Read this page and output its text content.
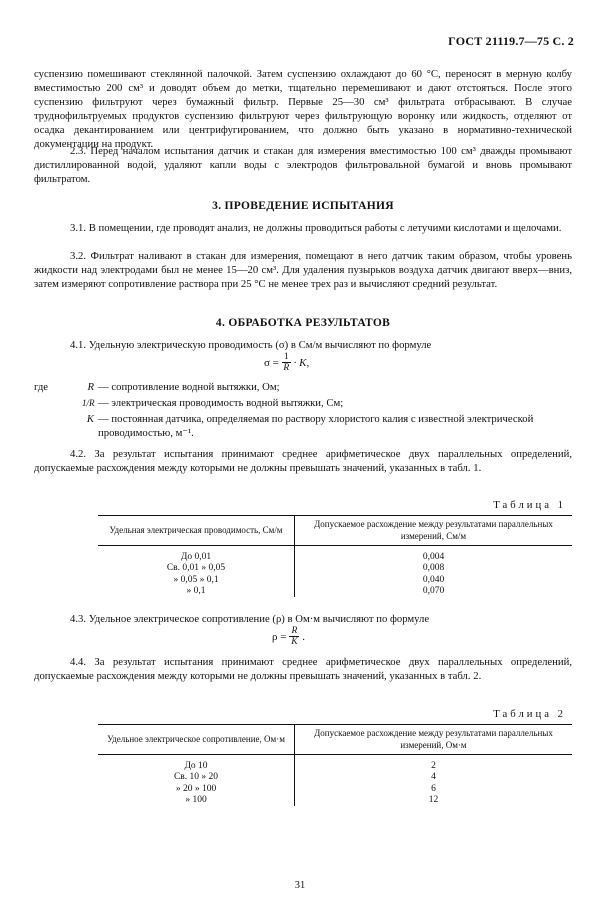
ГОСТ 21119.7—75 С. 2
суспензию помешивают стеклянной палочкой. Затем суспензию охлаждают до 60 °С, переносят в мерную колбу вместимостью 200 см³ и доводят объем до метки, тщательно перемешивают и дают отстояться. После этого суспензию фильтруют через бумажный фильтр. Первые 25—30 см³ фильтрата отбрасывают. В случае труднофильтруемых продуктов суспензию фильтруют через фильтрующую воронку или жидкость, отделяют от осадка декантированием или центрифугированием, что должно быть указано в нормативно-технической документации на продукт.
2.3. Перед началом испытания датчик и стакан для измерения вместимостью 100 см³ дважды промывают дистиллированной водой, удаляют капли воды с электродов фильтровальной бумагой и вновь промывают фильтратом.
3. ПРОВЕДЕНИЕ ИСПЫТАНИЯ
3.1. В помещении, где проводят анализ, не должны проводиться работы с летучими кислотами и щелочами.
3.2. Фильтрат наливают в стакан для измерения, помещают в него датчик таким образом, чтобы уровень жидкости над электродами был не менее 15—20 см³. Для удаления пузырьков воздуха датчик двигают вверх—вниз, затем измеряют сопротивление раствора при 25 °С не менее трех раз и вычисляют средний результат.
4. ОБРАБОТКА РЕЗУЛЬТАТОВ
4.1. Удельную электрическую проводимость (σ) в См/м вычисляют по формуле
$\sigma = \frac{1}{R} \cdot K$,
где	R — сопротивление водной вытяжки, Ом;
1/R — электрическая проводимость водной вытяжки, См;
K — постоянная датчика, определяемая по раствору хлористого калия с известной электрической проводимостью, м⁻¹.
4.2. За результат испытания принимают среднее арифметическое двух параллельных определений, допускаемые расхождения между которыми не должны превышать значений, указанных в табл. 1.
Таблица 1
Удельная электрическая проводимость, См/м	Допускаемое расхождение между результатами параллельных измерений, См/м
До 0,01	0,004
Св. 0,01 » 0,05	0,008
» 0,05 » 0,1	0,040
» 0,1	0,070
4.3. Удельное электрическое сопротивление (ρ) в Ом·м вычисляют по формуле
$\rho = \frac{R}{K}$ .
4.4. За результат испытания принимают среднее арифметическое двух параллельных определений, допускаемые расхождения между которыми не должны превышать значений, указанных в табл. 2.
Таблица 2
Удельное электрическое сопротивление, Ом·м	Допускаемое расхождение между результатами параллельных измерений, Ом·м
До 10	2
Св. 10 » 20	4
» 20 » 100	6
» 100	12
31
